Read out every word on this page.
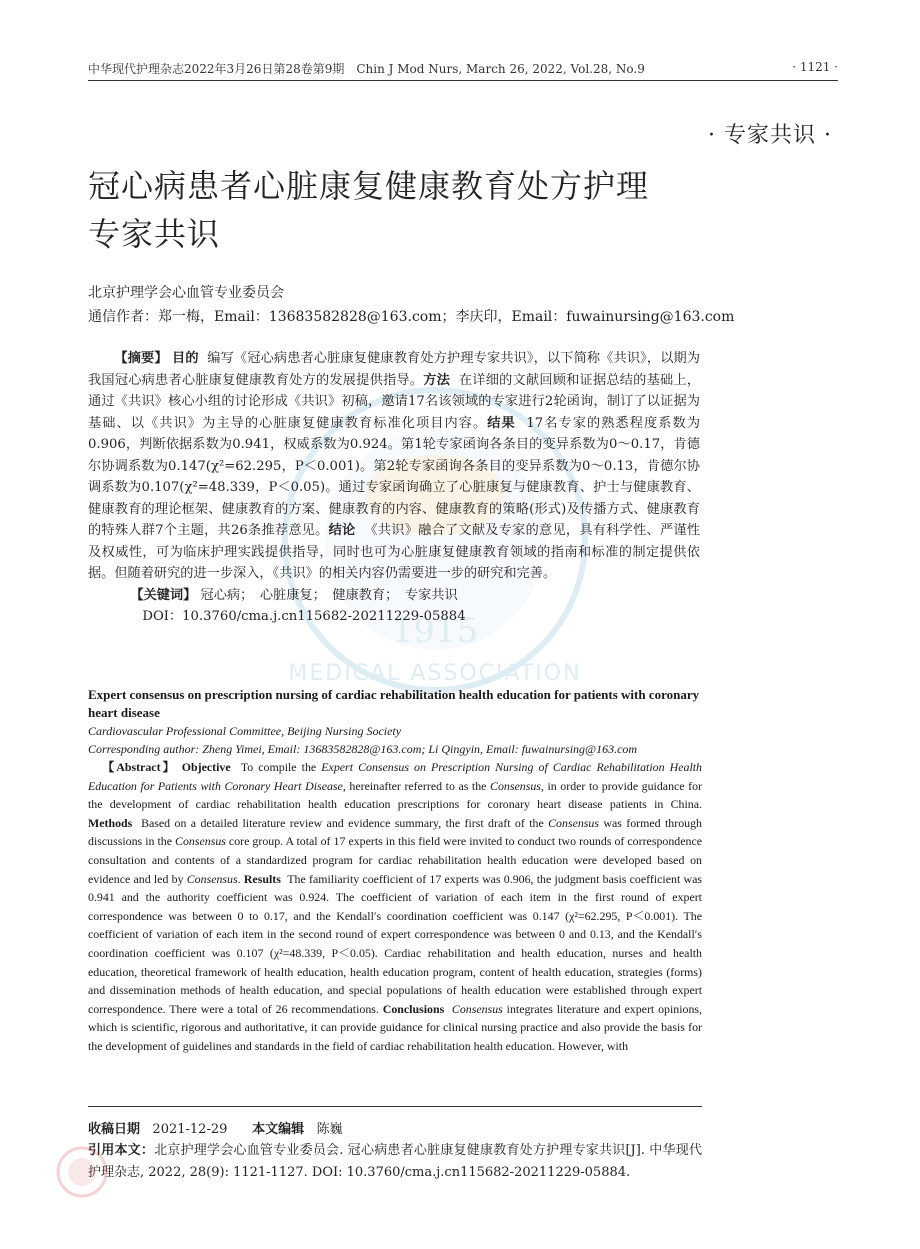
中华现代护理杂志2022年3月26日第28卷第9期　Chin J Mod Nurs, March 26, 2022, Vol.28, No.9	· 1121 ·
· 专家共识 ·
1915
MEDICAL ASSOCIATION
冠心病患者心脏康复健康教育处方护理
专家共识
北京护理学会心血管专业委员会
通信作者：郑一梅，Email：13683582828@163.com；李庆印，Email：fuwainursing@163.com

【摘要】 目的 编写《冠心病患者心脏康复健康教育处方护理专家共识》，以下简称《共识》，以期为我国冠心病患者心脏康复健康教育处方的发展提供指导。方法 在详细的文献回顾和证据总结的基础上，通过《共识》核心小组的讨论形成《共识》初稿，邀请17名该领域的专家进行2轮函询，制订了以证据为基础、以《共识》为主导的心脏康复健康教育标准化项目内容。结果 17名专家的熟悉程度系数为0.906，判断依据系数为0.941，权威系数为0.924。第1轮专家函询各条目的变异系数为0～0.17，肯德尔协调系数为0.147(χ²=62.295，P＜0.001)。第2轮专家函询各条目的变异系数为0～0.13，肯德尔协调系数为0.107(χ²=48.339，P＜0.05)。通过专家函询确立了心脏康复与健康教育、护士与健康教育、健康教育的理论框架、健康教育的方案、健康教育的内容、健康教育的策略(形式)及传播方式、健康教育的特殊人群7个主题，共26条推荐意见。结论 《共识》融合了文献及专家的意见，具有科学性、严谨性及权威性，可为临床护理实践提供指导，同时也可为心脏康复健康教育领域的指南和标准的制定提供依据。但随着研究的进一步深入，《共识》的相关内容仍需要进一步的研究和完善。

【关键词】 冠心病；　心脏康复；　健康教育；　专家共识

DOI：10.3760/cma.j.cn115682-20211229-05884

Expert consensus on prescription nursing of cardiac rehabilitation health education for patients with coronary heart disease

Cardiovascular Professional Committee, Beijing Nursing Society

Corresponding author: Zheng Yimei, Email: 13683582828@163.com; Li Qingyin, Email: fuwainursing@163.com

【Abstract】 Objective To compile the Expert Consensus on Prescription Nursing of Cardiac Rehabilitation Health Education for Patients with Coronary Heart Disease, hereinafter referred to as the Consensus, in order to provide guidance for the development of cardiac rehabilitation health education prescriptions for coronary heart disease patients in China. Methods Based on a detailed literature review and evidence summary, the first draft of the Consensus was formed through discussions in the Consensus core group. A total of 17 experts in this field were invited to conduct two rounds of correspondence consultation and contents of a standardized program for cardiac rehabilitation health education were developed based on evidence and led by Consensus. Results The familiarity coefficient of 17 experts was 0.906, the judgment basis coefficient was 0.941 and the authority coefficient was 0.924. The coefficient of variation of each item in the first round of expert correspondence was between 0 to 0.17, and the Kendall′s coordination coefficient was 0.147 (χ²=62.295, P＜0.001). The coefficient of variation of each item in the second round of expert correspondence was between 0 and 0.13, and the Kendall′s coordination coefficient was 0.107 (χ²=48.339, P＜0.05). Cardiac rehabilitation and health education, nurses and health education, theoretical framework of health education, health education program, content of health education, strategies (forms) and dissemination methods of health education, and special populations of health education were established through expert correspondence. There were a total of 26 recommendations. Conclusions Consensus integrates literature and expert opinions, which is scientific, rigorous and authoritative, it can provide guidance for clinical nursing practice and also provide the basis for the development of guidelines and standards in the field of cardiac rehabilitation health education. However, with

收稿日期 2021-12-29 本文编辑 陈巍
引用本文：北京护理学会心血管专业委员会. 冠心病患者心脏康复健康教育处方护理专家共识[J]. 中华现代护理杂志, 2022, 28(9): 1121-1127. DOI: 10.3760/cma.j.cn115682-20211229-05884.
